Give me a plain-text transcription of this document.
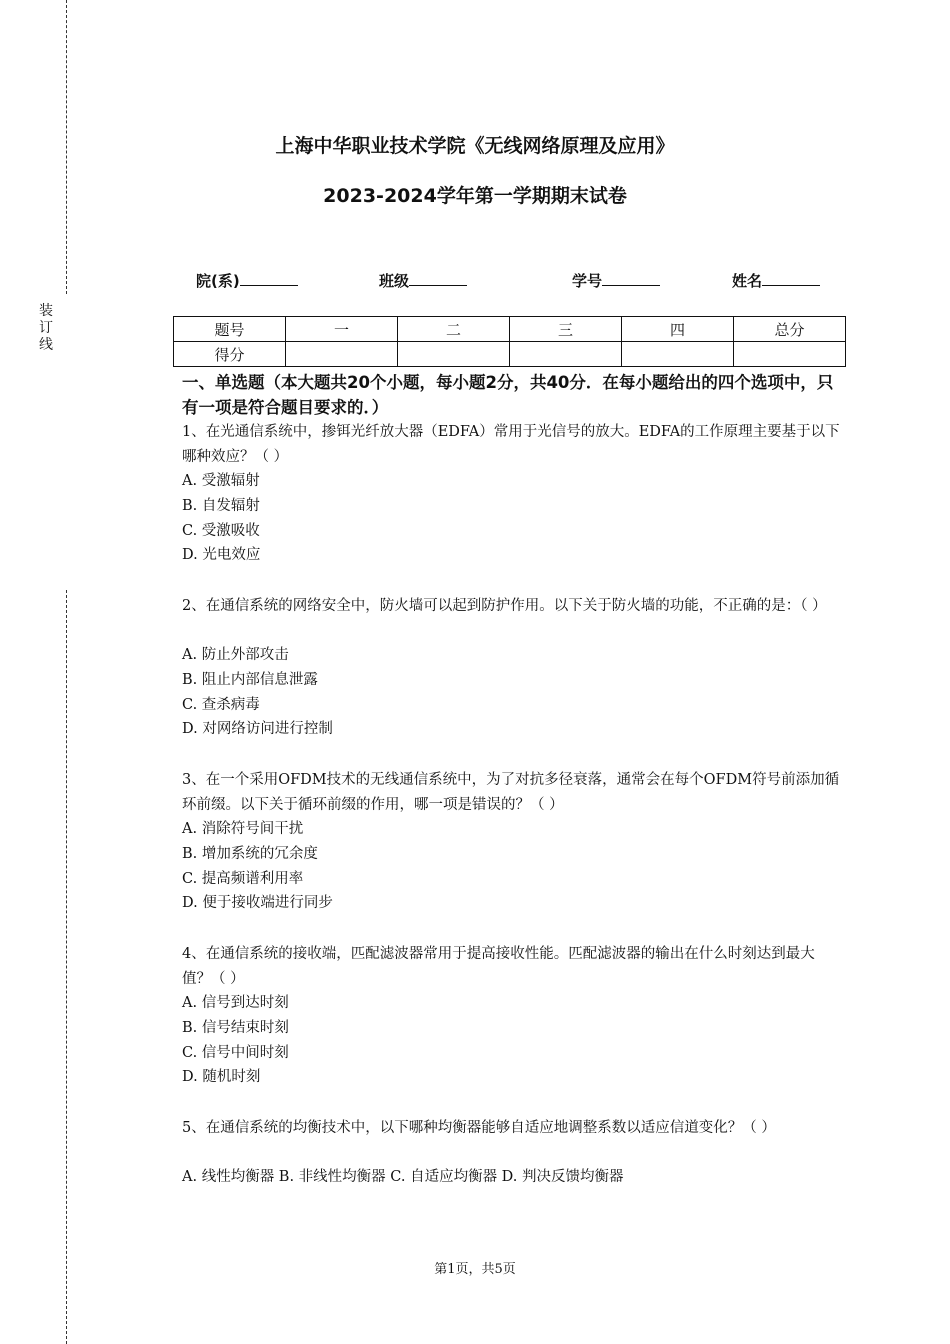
装订线
上海中华职业技术学院《无线网络原理及应用》
2023-2024学年第一学期期末试卷
院(系)	班级	学号	姓名
题号	一	二	三	四	总分
得分					
一、单选题（本大题共20个小题，每小题2分，共40分．在每小题给出的四个选项中，只有一项是符合题目要求的．）

1、在光通信系统中，掺铒光纤放大器（EDFA）常用于光信号的放大。EDFA的工作原理主要基于以下哪种效应？（ ）

A. 受激辐射
B. 自发辐射
C. 受激吸收
D. 光电效应

2、在通信系统的网络安全中，防火墙可以起到防护作用。以下关于防火墙的功能，不正确的是：（ ）

A. 防止外部攻击
B. 阻止内部信息泄露
C. 查杀病毒
D. 对网络访问进行控制

3、在一个采用OFDM技术的无线通信系统中，为了对抗多径衰落，通常会在每个OFDM符号前添加循环前缀。以下关于循环前缀的作用，哪一项是错误的？（ ）

A. 消除符号间干扰
B. 增加系统的冗余度
C. 提高频谱利用率
D. 便于接收端进行同步

4、在通信系统的接收端，匹配滤波器常用于提高接收性能。匹配滤波器的输出在什么时刻达到最大值？（ ）

A. 信号到达时刻
B. 信号结束时刻
C. 信号中间时刻
D. 随机时刻

5、在通信系统的均衡技术中，以下哪种均衡器能够自适应地调整系数以适应信道变化？（ ）

A. 线性均衡器 B. 非线性均衡器 C. 自适应均衡器 D. 判决反馈均衡器
第1页，共5页
